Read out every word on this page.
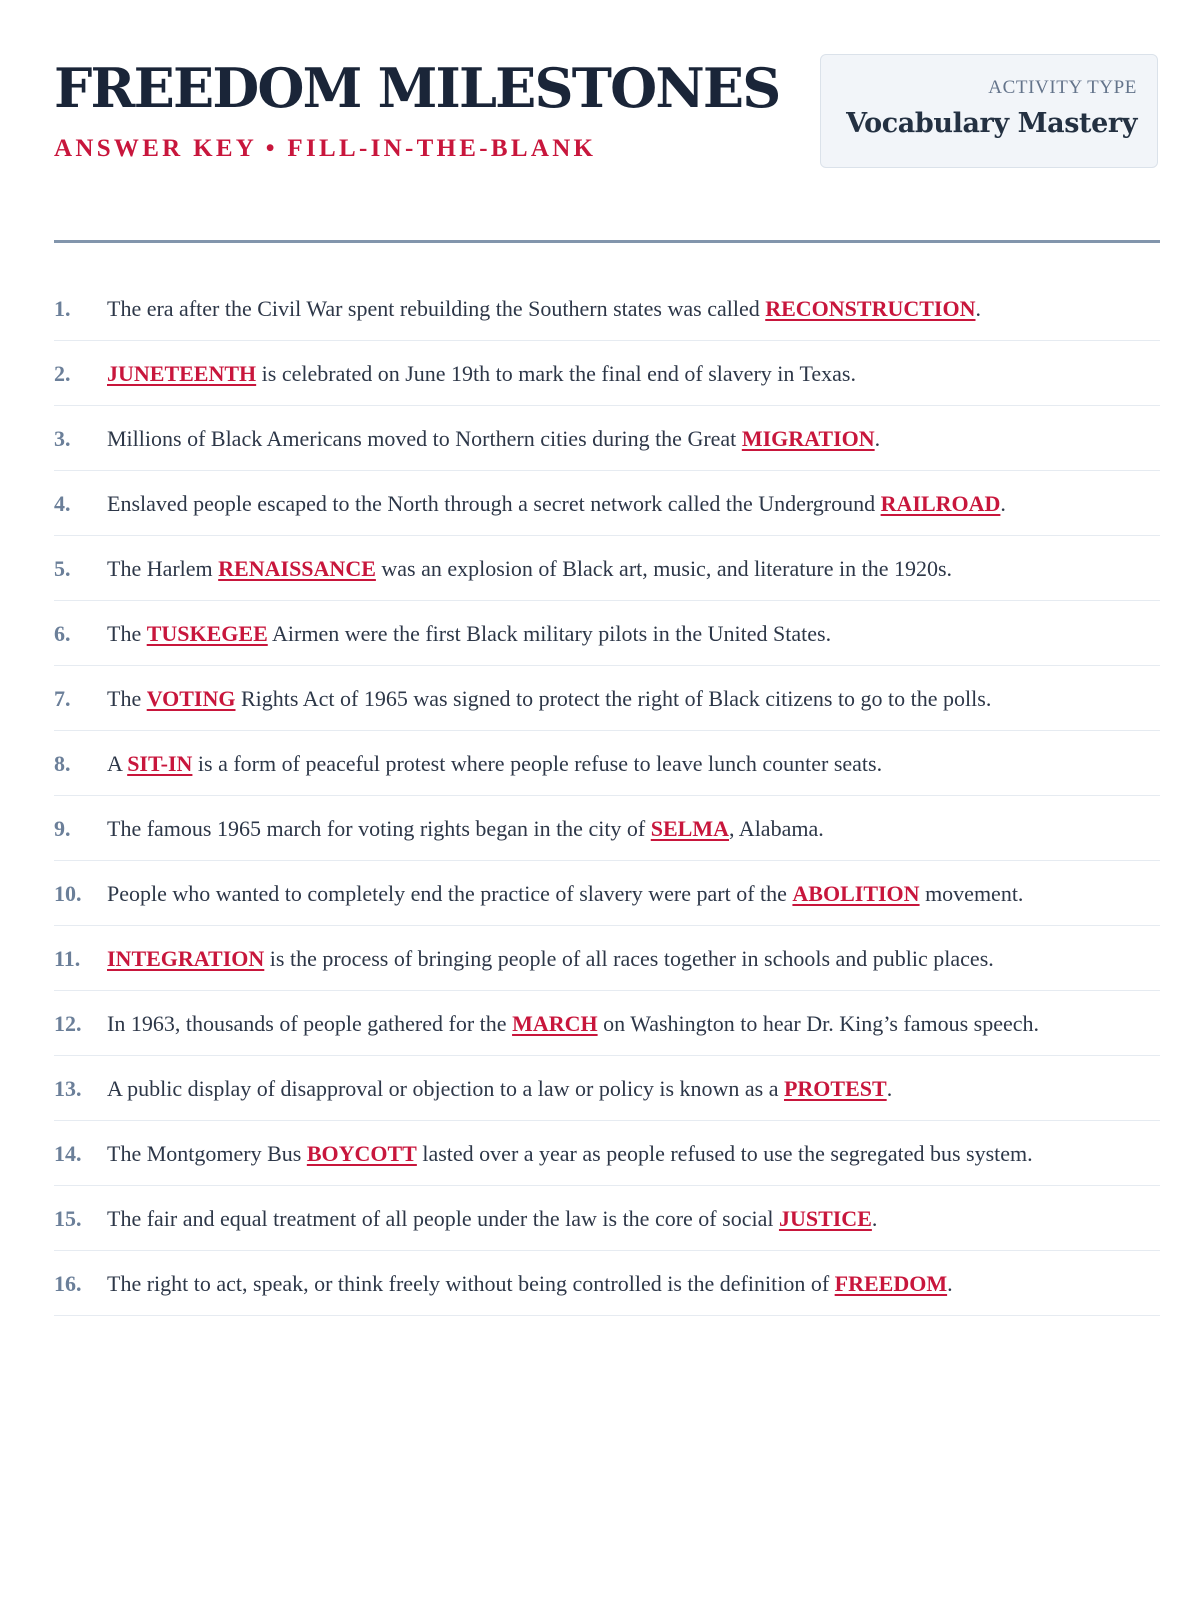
FREEDOM MILESTONES
ANSWER KEY • FILL-IN-THE-BLANK
ACTIVITY TYPE
Vocabulary Mastery
1.	The era after the Civil War spent rebuilding the Southern states was called RECONSTRUCTION.
2.	JUNETEENTH is celebrated on June 19th to mark the final end of slavery in Texas.
3.	Millions of Black Americans moved to Northern cities during the Great MIGRATION.
4.	Enslaved people escaped to the North through a secret network called the Underground RAILROAD.
5.	The Harlem RENAISSANCE was an explosion of Black art, music, and literature in the 1920s.
6.	The TUSKEGEE Airmen were the first Black military pilots in the United States.
7.	The VOTING Rights Act of 1965 was signed to protect the right of Black citizens to go to the polls.
8.	A SIT-IN is a form of peaceful protest where people refuse to leave lunch counter seats.
9.	The famous 1965 march for voting rights began in the city of SELMA, Alabama.
10.	People who wanted to completely end the practice of slavery were part of the ABOLITION movement.
11.	INTEGRATION is the process of bringing people of all races together in schools and public places.
12.	In 1963, thousands of people gathered for the MARCH on Washington to hear Dr. King’s famous speech.
13.	A public display of disapproval or objection to a law or policy is known as a PROTEST.
14.	The Montgomery Bus BOYCOTT lasted over a year as people refused to use the segregated bus system.
15.	The fair and equal treatment of all people under the law is the core of social JUSTICE.
16.	The right to act, speak, or think freely without being controlled is the definition of FREEDOM.
